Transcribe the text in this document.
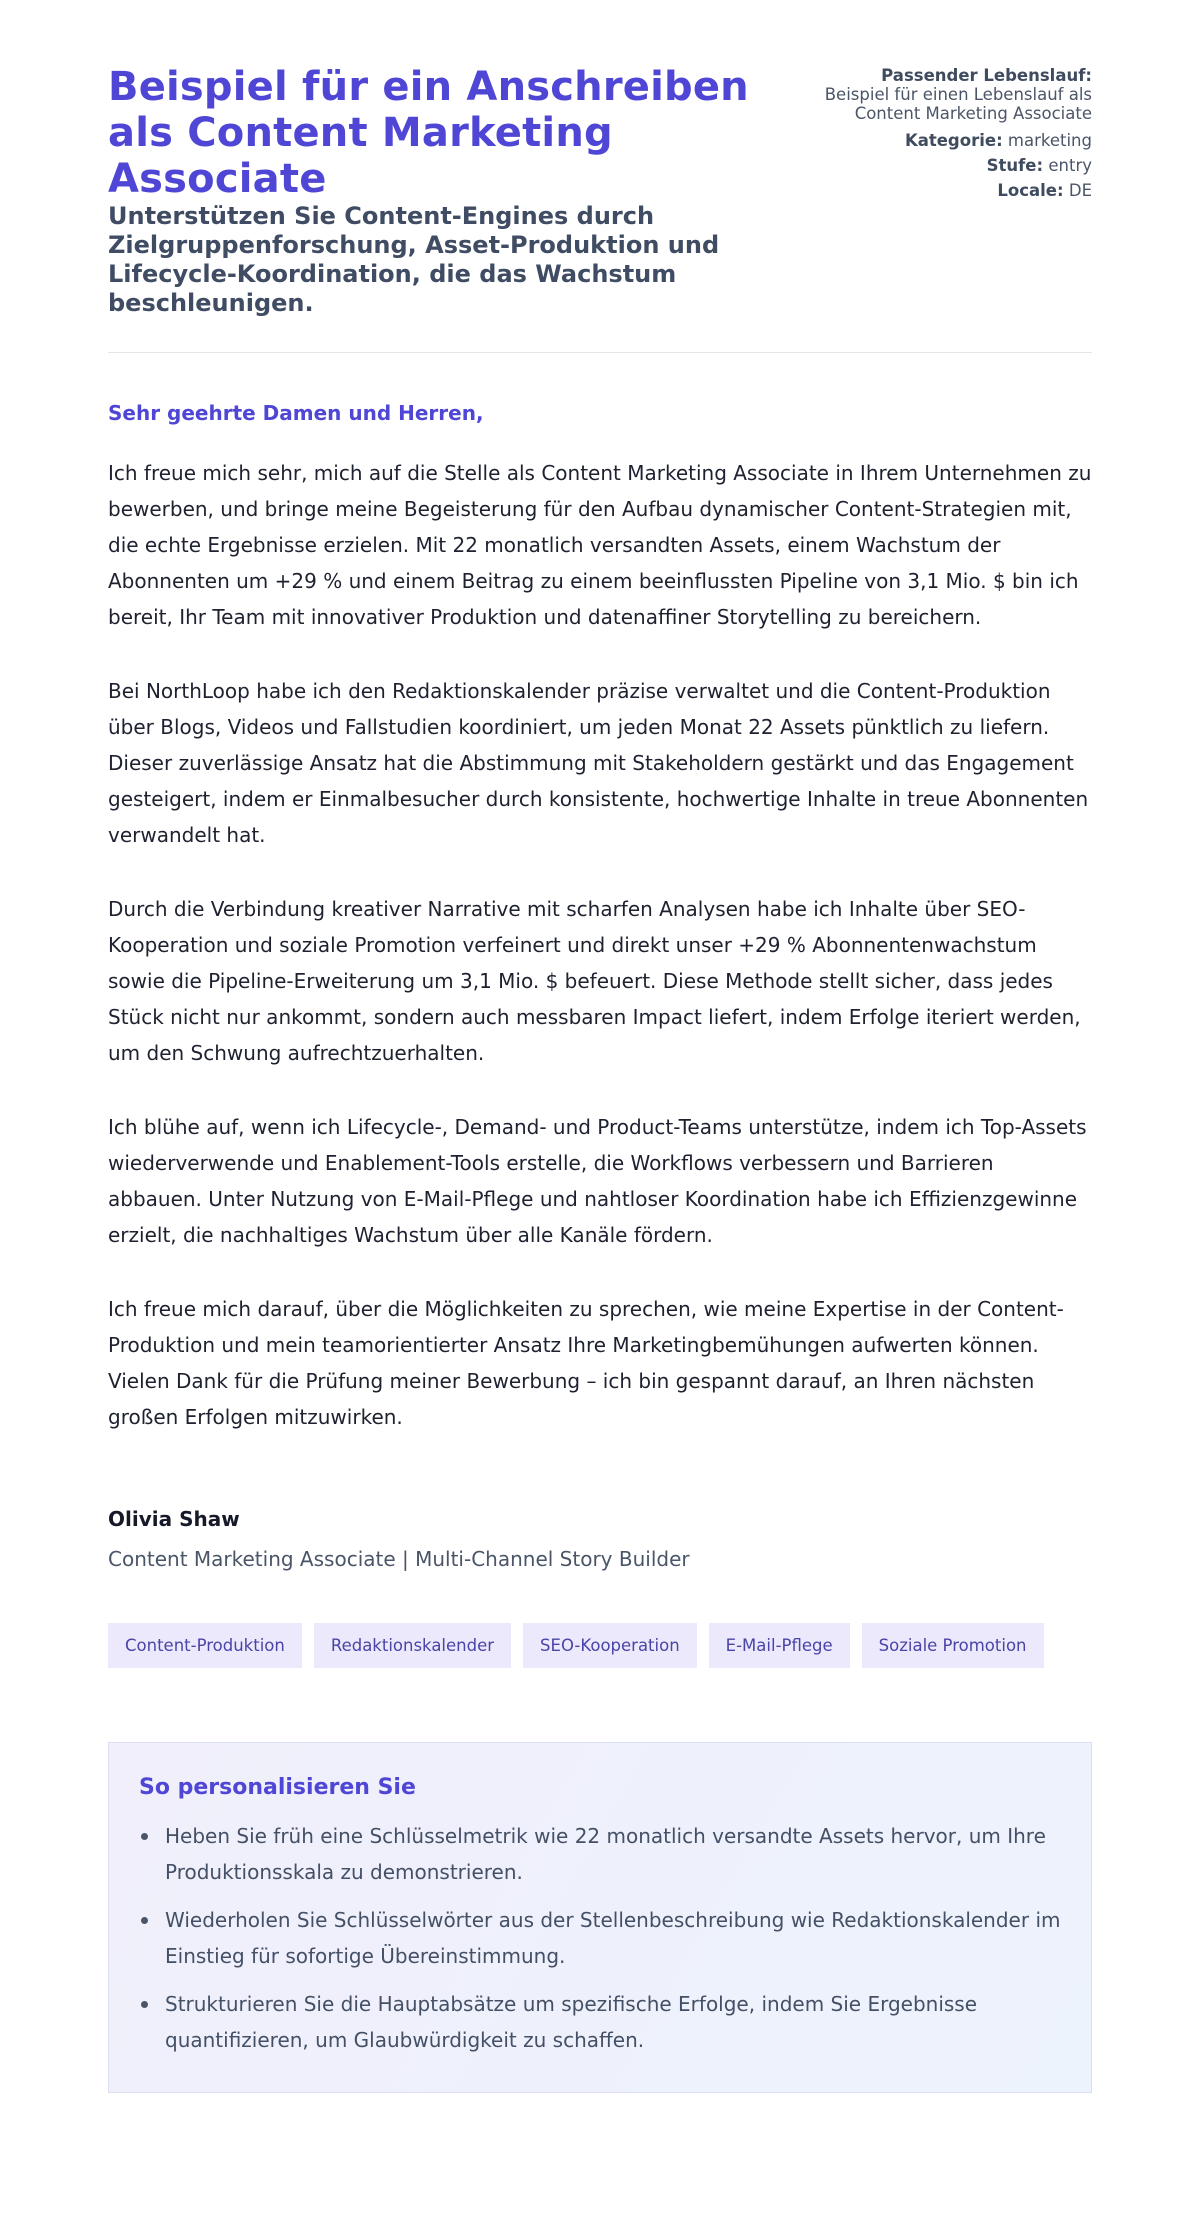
Beispiel für ein Anschreiben als Content Marketing Associate
Unterstützen Sie Content-Engines durch Zielgruppenforschung, Asset-Produktion und Lifecycle-Koordination, die das Wachstum beschleunigen.
Passender Lebenslauf:
Beispiel für einen Lebenslauf als Content Marketing Associate
Kategorie: marketing
Stufe: entry
Locale: DE

Sehr geehrte Damen und Herren,

Ich freue mich sehr, mich auf die Stelle als Content Marketing Associate in Ihrem Unternehmen zu bewerben, und bringe meine Begeisterung für den Aufbau dynamischer Content-Strategien mit, die echte Ergebnisse erzielen. Mit 22 monatlich versandten Assets, einem Wachstum der Abonnenten um +29 % und einem Beitrag zu einem beeinflussten Pipeline von 3,1 Mio. $ bin ich bereit, Ihr Team mit innovativer Produktion und datenaffiner Storytelling zu bereichern.

Bei NorthLoop habe ich den Redaktionskalender präzise verwaltet und die Content-Produktion über Blogs, Videos und Fallstudien koordiniert, um jeden Monat 22 Assets pünktlich zu liefern. Dieser zuverlässige Ansatz hat die Abstimmung mit Stakeholdern gestärkt und das Engagement gesteigert, indem er Einmalbesucher durch konsistente, hochwertige Inhalte in treue Abonnenten verwandelt hat.

Durch die Verbindung kreativer Narrative mit scharfen Analysen habe ich Inhalte über SEO-Kooperation und soziale Promotion verfeinert und direkt unser +29 % Abonnentenwachstum sowie die Pipeline-Erweiterung um 3,1 Mio. $ befeuert. Diese Methode stellt sicher, dass jedes Stück nicht nur ankommt, sondern auch messbaren Impact liefert, indem Erfolge iteriert werden, um den Schwung aufrechtzuerhalten.

Ich blühe auf, wenn ich Lifecycle-, Demand- und Product-Teams unterstütze, indem ich Top-Assets wiederverwende und Enablement-Tools erstelle, die Workflows verbessern und Barrieren abbauen. Unter Nutzung von E-Mail-Pflege und nahtloser Koordination habe ich Effizienzgewinne erzielt, die nachhaltiges Wachstum über alle Kanäle fördern.

Ich freue mich darauf, über die Möglichkeiten zu sprechen, wie meine Expertise in der Content-Produktion und mein teamorientierter Ansatz Ihre Marketingbemühungen aufwerten können. Vielen Dank für die Prüfung meiner Bewerbung – ich bin gespannt darauf, an Ihren nächsten großen Erfolgen mitzuwirken.

Olivia Shaw
Content Marketing Associate | Multi-Channel Story Builder
Content-Produktion	Redaktionskalender	SEO-Kooperation	E-Mail-Pflege	Soziale Promotion
So personalisieren Sie
Heben Sie früh eine Schlüsselmetrik wie 22 monatlich versandte Assets hervor, um Ihre Produktionsskala zu demonstrieren.
Wiederholen Sie Schlüsselwörter aus der Stellenbeschreibung wie Redaktionskalender im Einstieg für sofortige Übereinstimmung.
Strukturieren Sie die Hauptabsätze um spezifische Erfolge, indem Sie Ergebnisse quantifizieren, um Glaubwürdigkeit zu schaffen.
